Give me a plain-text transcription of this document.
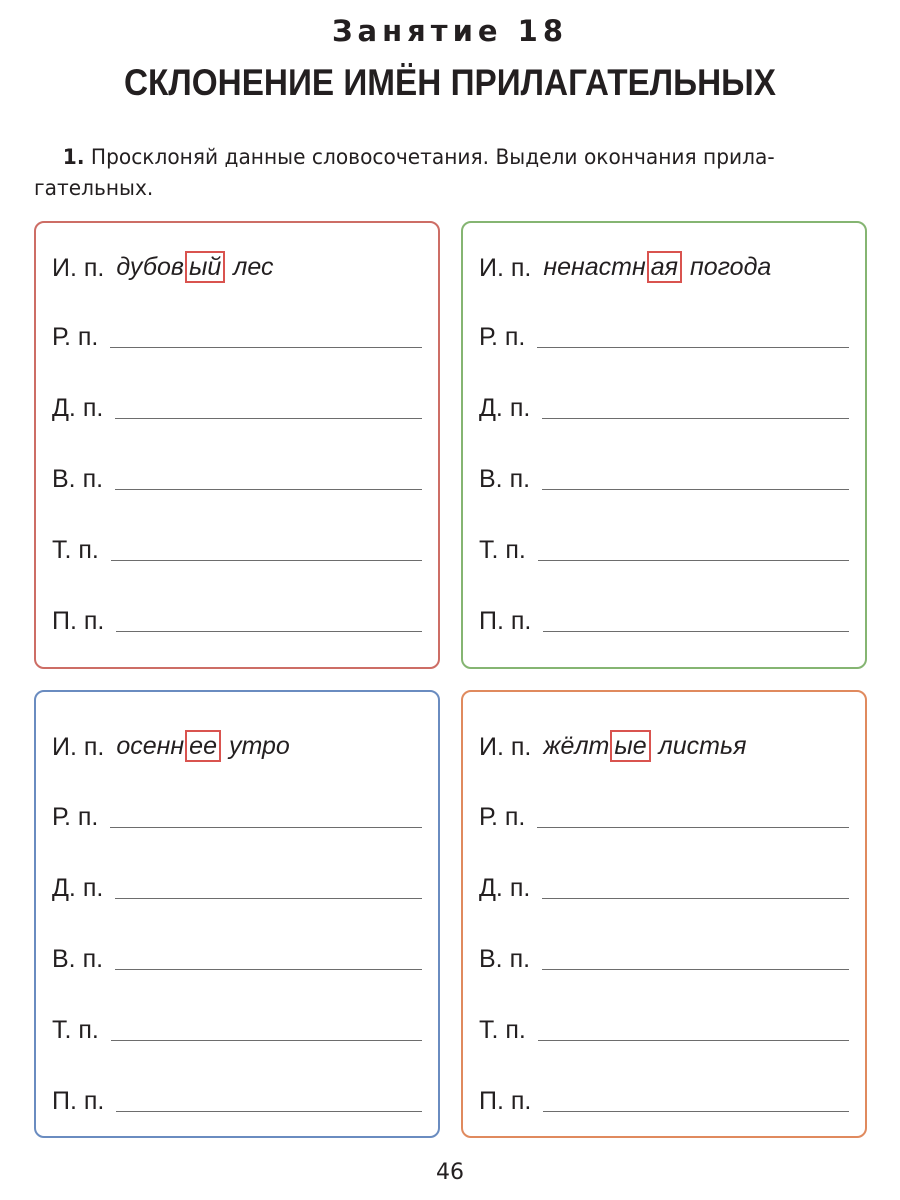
Занятие 18
СКЛОНЕНИЕ ИМЁН ПРИЛАГАТЕЛЬНЫХ
1. Просклоняй данные словосочетания. Выдели окончания прила-гательных.
И. п. дубов ый лес
Р. п.
Д. п.
В. п.
Т. п.
П. п.
И. п. ненастн ая погода
Р. п.
Д. п.
В. п.
Т. п.
П. п.
И. п. осенн ее утро
Р. п.
Д. п.
В. п.
Т. п.
П. п.
И. п. жёлт ые листья
Р. п.
Д. п.
В. п.
Т. п.
П. п.
46
